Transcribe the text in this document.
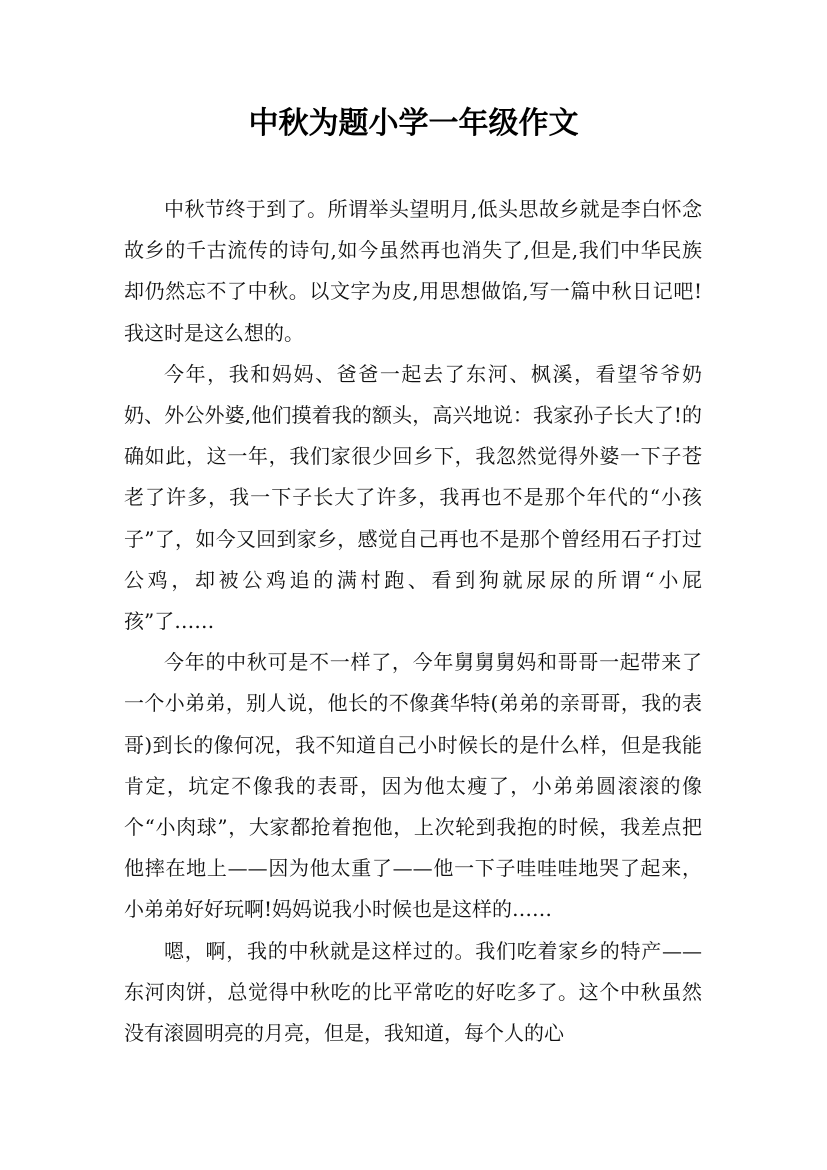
中秋为题小学一年级作文

中秋节终于到了。所谓举头望明月,低头思故乡就是李白怀念故乡的千古流传的诗句,如今虽然再也消失了,但是,我们中华民族却仍然忘不了中秋。以文字为皮,用思想做馅,写一篇中秋日记吧!我这时是这么想的。

今年，我和妈妈、爸爸一起去了东河、枫溪，看望爷爷奶奶、外公外婆,他们摸着我的额头，高兴地说：我家孙子长大了!的确如此，这一年，我们家很少回乡下，我忽然觉得外婆一下子苍老了许多，我一下子长大了许多，我再也不是那个年代的“小孩子”了，如今又回到家乡，感觉自己再也不是那个曾经用石子打过公鸡，却被公鸡追的满村跑、看到狗就尿尿的所谓“小屁孩”了……

今年的中秋可是不一样了，今年舅舅舅妈和哥哥一起带来了一个小弟弟，别人说，他长的不像龚华特(弟弟的亲哥哥，我的表哥)到长的像何况，我不知道自己小时候长的是什么样，但是我能肯定，坑定不像我的表哥，因为他太瘦了，小弟弟圆滚滚的像个“小肉球”，大家都抢着抱他，上次轮到我抱的时候，我差点把他摔在地上——因为他太重了——他一下子哇哇哇地哭了起来，小弟弟好好玩啊!妈妈说我小时候也是这样的……

嗯，啊，我的中秋就是这样过的。我们吃着家乡的特产——东河肉饼，总觉得中秋吃的比平常吃的好吃多了。这个中秋虽然没有滚圆明亮的月亮，但是，我知道，每个人的心
